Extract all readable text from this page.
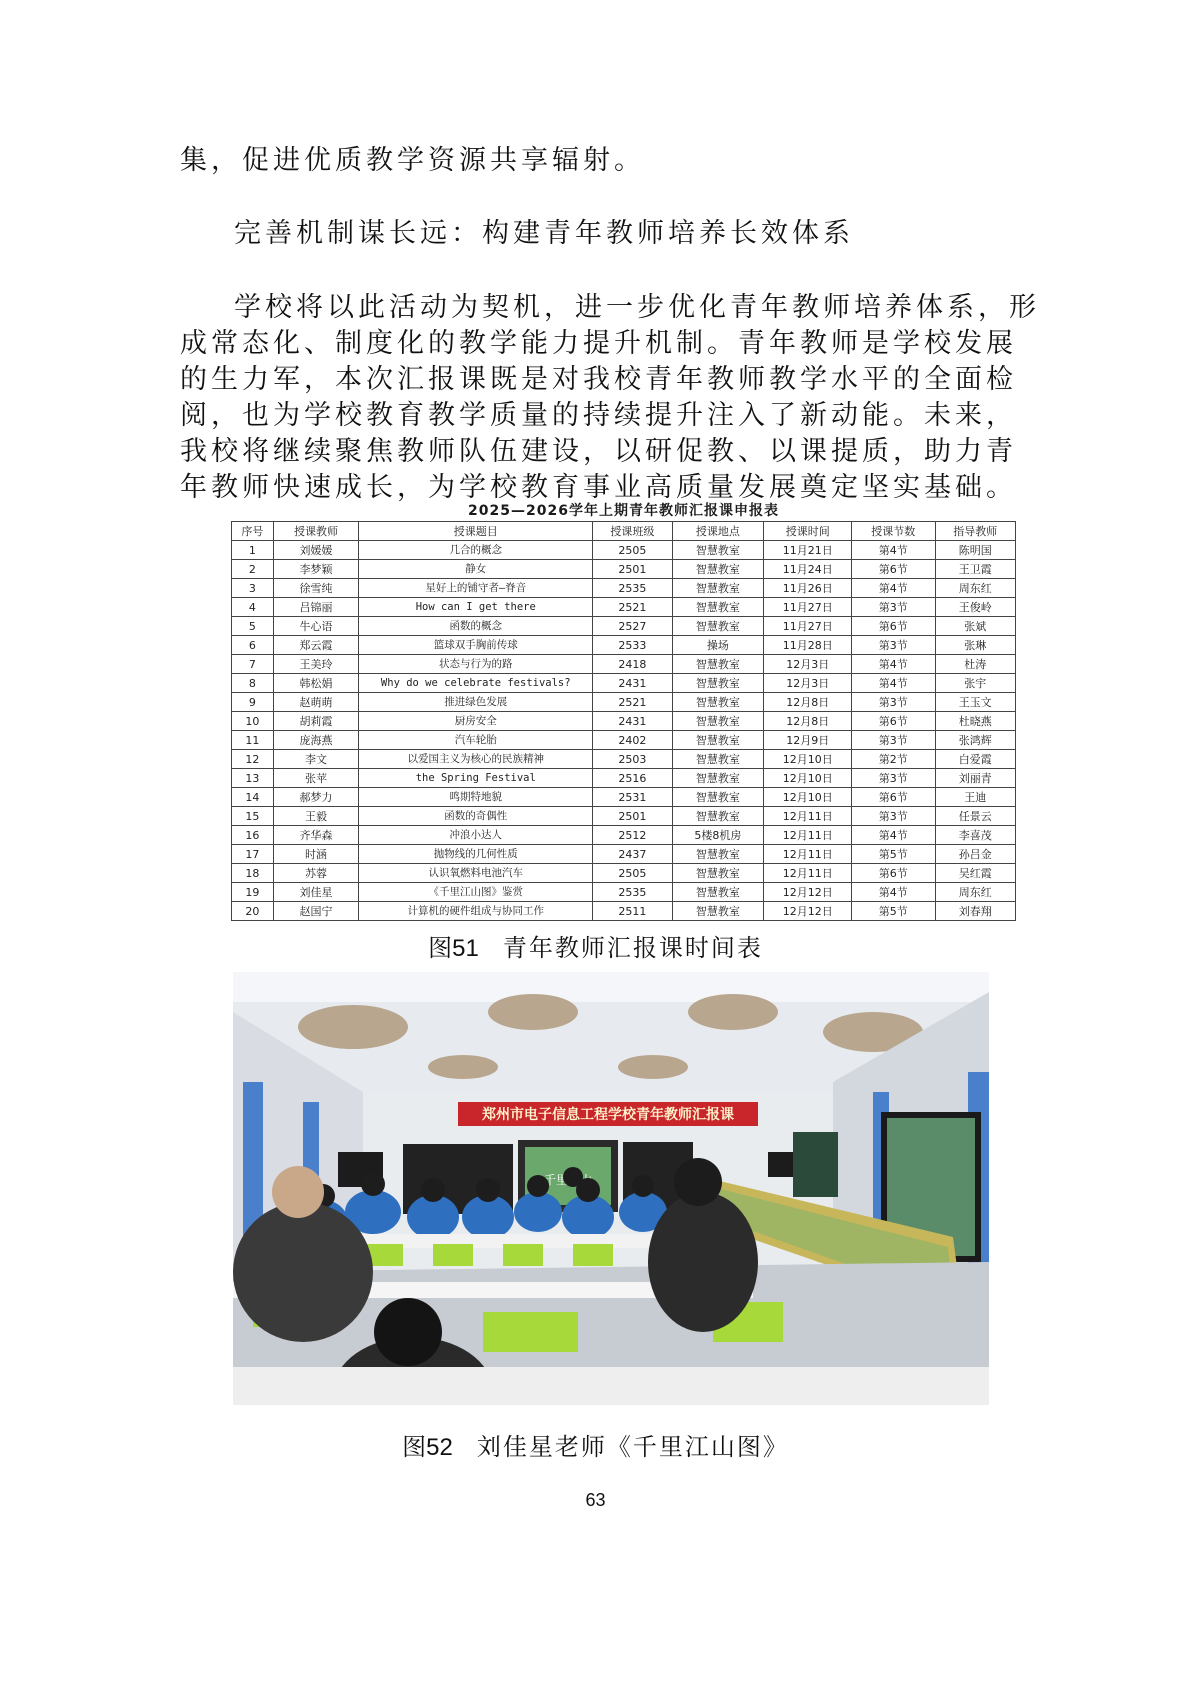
集，促进优质教学资源共享辐射。

完善机制谋长远：构建青年教师培养长效体系

学校将以此活动为契机，进一步优化青年教师培养体系，形成常态化、制度化的教学能力提升机制。青年教师是学校发展的生力军，本次汇报课既是对我校青年教师教学水平的全面检阅，也为学校教育教学质量的持续提升注入了新动能。未来，我校将继续聚焦教师队伍建设，以研促教、以课提质，助力青年教师快速成长，为学校教育事业高质量发展奠定坚实基础。

2025—2026学年上期青年教师汇报课申报表
序号	授课教师	授课题目	授课班级	授课地点	授课时间	授课节数	指导教师
1	刘媛媛	几合的概念	2505	智慧教室	11月21日	第4节	陈明国
2	李梦颖	静女	2501	智慧教室	11月24日	第6节	王卫霞
3	徐雪纯	星好上的铺守者—脊音	2535	智慧教室	11月26日	第4节	周东红
4	吕锦丽	How can I get there	2521	智慧教室	11月27日	第3节	王俊岭
5	牛心语	函数的概念	2527	智慧教室	11月27日	第6节	张斌
6	郑云霞	篮球双手胸前传球	2533	操场	11月28日	第3节	张琳
7	王美玲	状态与行为的路	2418	智慧教室	12月3日	第4节	杜涛
8	韩松娟	Why do we celebrate festivals?	2431	智慧教室	12月3日	第4节	张宇
9	赵萌萌	推进绿色发展	2521	智慧教室	12月8日	第3节	王玉文
10	胡莉霞	厨房安全	2431	智慧教室	12月8日	第6节	杜晓燕
11	庞海燕	汽车轮胎	2402	智慧教室	12月9日	第3节	张鸿辉
12	李文	以爱国主义为核心的民族精神	2503	智慧教室	12月10日	第2节	白爱霞
13	张苹	the Spring Festival	2516	智慧教室	12月10日	第3节	刘丽青
14	郝梦力	鸣期特地貌	2531	智慧教室	12月10日	第6节	王迪
15	王毅	函数的奇偶性	2501	智慧教室	12月11日	第3节	任景云
16	齐华森	冲浪小达人	2512	5楼8机房	12月11日	第4节	李喜茂
17	时涵	抛物线的几何性质	2437	智慧教室	12月11日	第5节	孙吕金
18	苏蓉	认识氧燃料电池汽车	2505	智慧教室	12月11日	第6节	吴红霞
19	刘佳星	《千里江山图》鉴赏	2535	智慧教室	12月12日	第4节	周东红
20	赵国宁	计算机的硬件组成与协同工作	2511	智慧教室	12月12日	第5节	刘春翔
图51 青年教师汇报课时间表
郑州市电子信息工程学校青年教师汇报课
图52 刘佳星老师《千里江山图》
63
